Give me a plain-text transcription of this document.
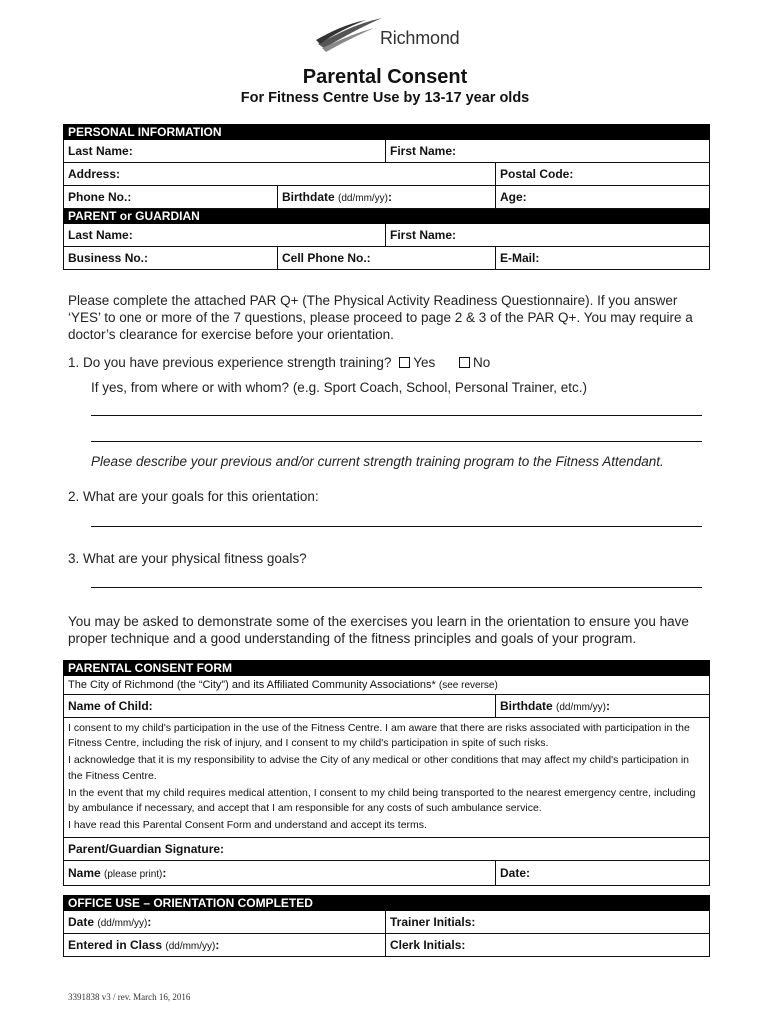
Richmond
Parental Consent
For Fitness Centre Use by 13-17 year olds
PERSONAL INFORMATION			
Last Name:		First Name:	
Address:			Postal Code:
Phone No.:	Birthdate (dd/mm/yy):		Age:
PARENT or GUARDIAN			
Last Name:		First Name:	
Business No.:	Cell Phone No.:		E-Mail:
Please complete the attached PAR Q+ (The Physical Activity Readiness Questionnaire). If you answer ‘YES’ to one or more of the 7 questions, please proceed to page 2 & 3 of the PAR Q+. You may require a doctor’s clearance for exercise before your orientation.
1. Do you have previous experience strength training? Yes	No
If yes, from where or with whom? (e.g. Sport Coach, School, Personal Trainer, etc.)
Please describe your previous and/or current strength training program to the Fitness Attendant.
2. What are your goals for this orientation:
3. What are your physical fitness goals?
You may be asked to demonstrate some of the exercises you learn in the orientation to ensure you have proper technique and a good understanding of the fitness principles and goals of your program.
PARENTAL CONSENT FORM	
The City of Richmond (the “City”) and its Affiliated Community Associations* (see reverse)	
Name of Child:	Birthdate (dd/mm/yy):

I consent to my child's participation in the use of the Fitness Centre. I am aware that there are risks associated with participation in the Fitness Centre, including the risk of injury, and I consent to my child's participation in spite of such risks.

I acknowledge that it is my responsibility to advise the City of any medical or other conditions that may affect my child's participation in the Fitness Centre.

In the event that my child requires medical attention, I consent to my child being transported to the nearest emergency centre, including by ambulance if necessary, and accept that I am responsible for any costs of such ambulance service.

I have read this Parental Consent Form and understand and accept its terms.	

Parent/Guardian Signature:	
Name (please print):	Date:
OFFICE USE – ORIENTATION COMPLETED	
Date (dd/mm/yy):	Trainer Initials:
Entered in Class (dd/mm/yy):	Clerk Initials:
3391838 v3 / rev. March 16, 2016
